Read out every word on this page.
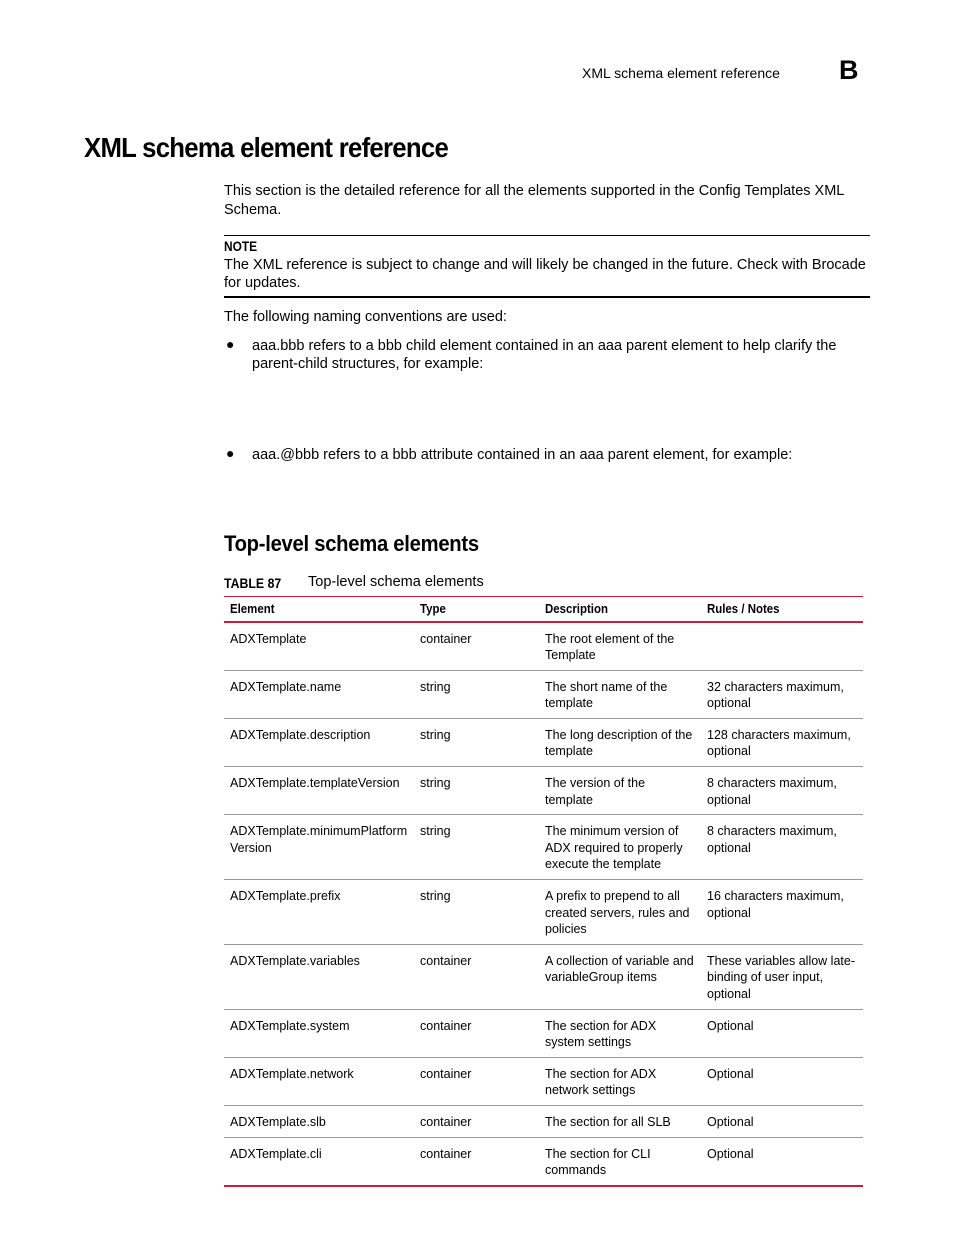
XML schema element reference B
XML schema element reference
This section is the detailed reference for all the elements supported in the Config Templates XML Schema.
NOTE
The XML reference is subject to change and will likely be changed in the future. Check with Brocade for updates.
The following naming conventions are used:
● aaa.bbb refers to a bbb child element contained in an aaa parent element to help clarify the parent-child structures, for example:
● aaa.@bbb refers to a bbb attribute contained in an aaa parent element, for example:
Top-level schema elements
TABLE 87 Top-level schema elements
Element	Type	Description	Rules / Notes
ADXTemplate	container	The root element of the Template	
ADXTemplate.name	string	The short name of the template	32 characters maximum, optional
ADXTemplate.description	string	The long description of the template	128 characters maximum, optional
ADXTemplate.templateVersion	string	The version of the template	8 characters maximum, optional
ADXTemplate.minimumPlatform Version	string	The minimum version of ADX required to properly execute the template	8 characters maximum, optional
ADXTemplate.prefix	string	A prefix to prepend to all created servers, rules and policies	16 characters maximum, optional
ADXTemplate.variables	container	A collection of variable and variableGroup items	These variables allow late-binding of user input, optional
ADXTemplate.system	container	The section for ADX system settings	Optional
ADXTemplate.network	container	The section for ADX network settings	Optional
ADXTemplate.slb	container	The section for all SLB	Optional
ADXTemplate.cli	container	The section for CLI commands	Optional
